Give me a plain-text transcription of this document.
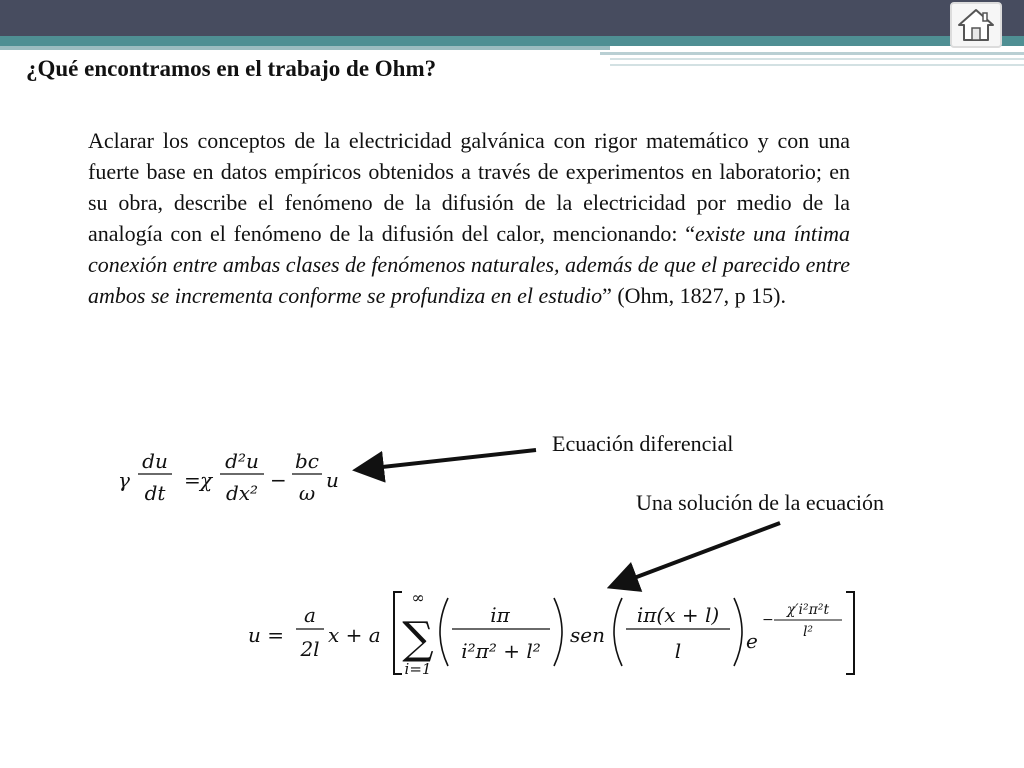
¿Qué encontramos en el trabajo de Ohm?

Aclarar los conceptos de la electricidad galvánica con rigor matemático y con una fuerte base en datos empíricos obtenidos a través de experimentos en laboratorio; en su obra, describe el fenómeno de la difusión de la electricidad por medio de la analogía con el fenómeno de la difusión del calor, mencionando: “existe una íntima conexión entre ambas clases de fenómenos naturales, además de que el parecido entre ambos se incrementa conforme se profundiza en el estudio” (Ohm, 1827, p 15).

Ecuación diferencial
Una solución de la ecuación
𝛾
𝑑𝑢
𝑑𝑡
= 𝜒
𝑑²𝑢
𝑑𝑥²
−
𝑏𝑐
𝜔
𝑢
𝑢 =
𝑎
2𝑙
𝑥 + 𝑎
∞
∑
𝑖=1
𝑖𝜋
𝑖²𝜋² + 𝑙²
𝑠𝑒𝑛
𝑖𝜋(𝑥 + 𝑙)
𝑙	𝑒
−
𝜒′𝑖²𝜋²𝑡
𝑙²
